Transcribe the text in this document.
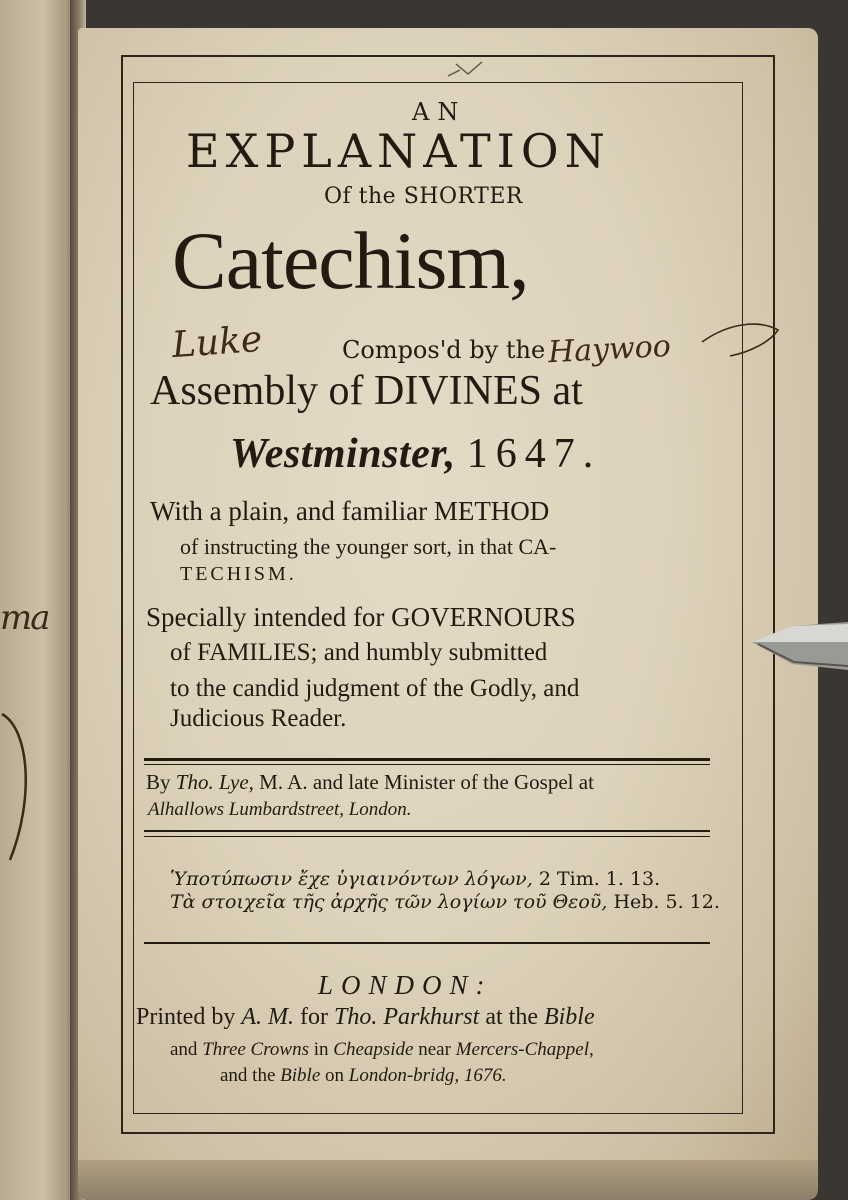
ma
AN
EXPLANATION
Of the SHORTER
Catechism,
Compos'd by the
Assembly of DIVINES at
Westminster, 1647.
With a plain, and familiar METHOD
of instructing the younger sort, in that CA-
TECHISM.
Specially intended for GOVERNOURS
of FAMILIES; and humbly submitted
to the candid judgment of the Godly, and
Judicious Reader.
By Tho. Lye, M. A. and late Minister of the Gospel at
Alhallows Lumbardstreet, London.
Ὑποτύπωσιν ἔχε ὑγιαινόντων λόγων, 2 Tim. 1. 13.
Τὰ στοιχεῖα τῆς ἀρχῆς τῶν λογίων τοῦ Θεοῦ, Heb. 5. 12.
LONDON:
Printed by A. M. for Tho. Parkhurst at the Bible
and Three Crowns in Cheapside near Mercers-Chappel,
and the Bible on London-bridg, 1676.
Luke	Haywoo
